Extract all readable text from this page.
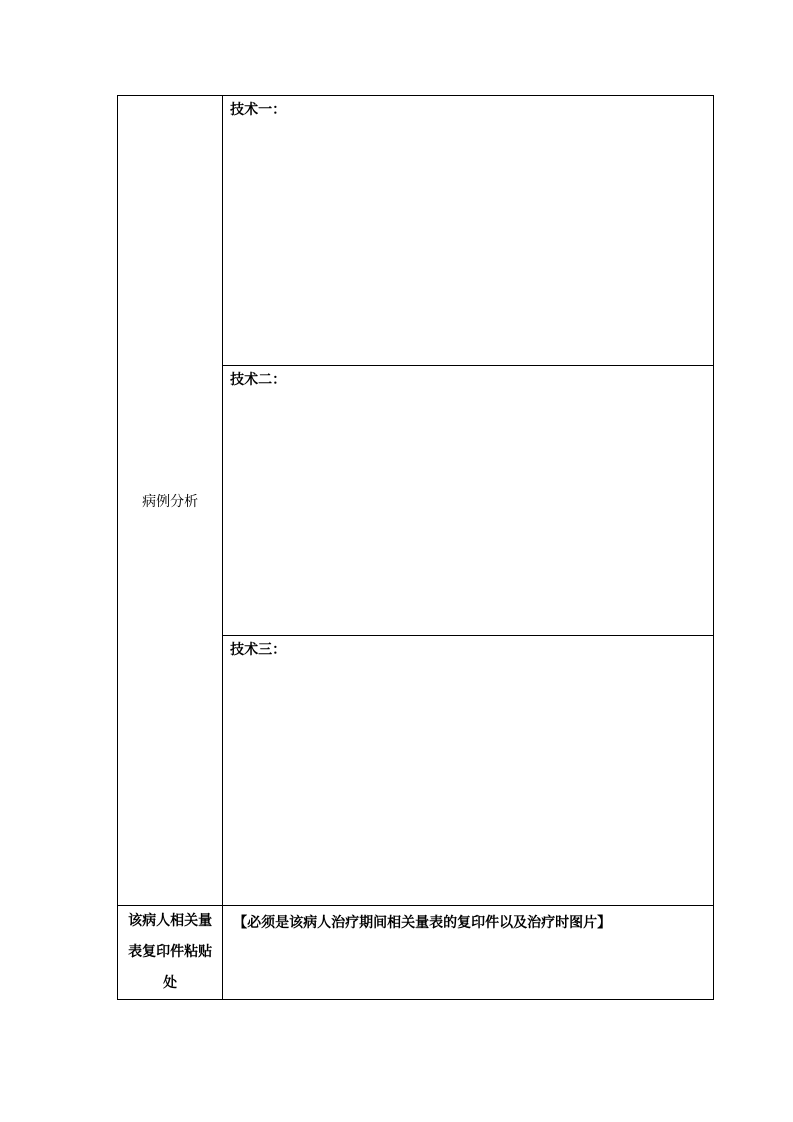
病例分析	技术一：

	技术二：

	技术三：

该病人相关量表复印件粘贴处	【必须是该病人治疗期间相关量表的复印件以及治疗时图片】
